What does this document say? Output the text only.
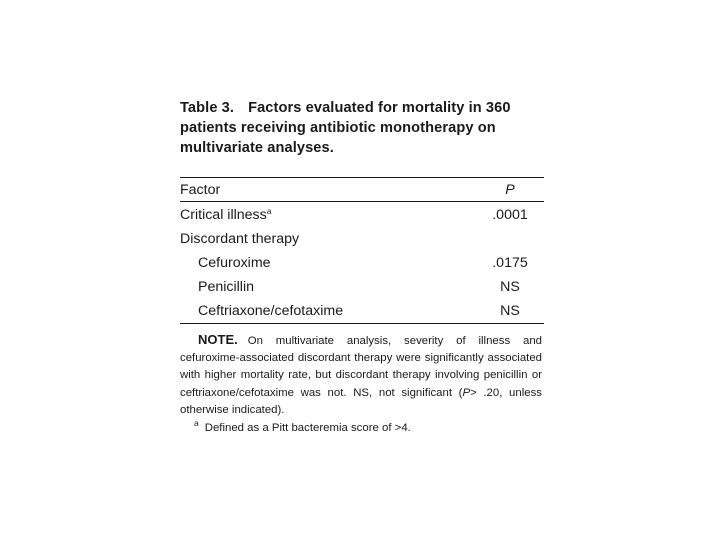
Table 3. Factors evaluated for mortality in 360 patients receiving antibiotic monotherapy on multivariate analyses.
Factor	P
Critical illness$^a$	.0001
Discordant therapy
Cefuroxime	.0175
Penicillin	NS
Ceftriaxone/cefotaxime	NS
NOTE. On multivariate analysis, severity of illness and cefuroxime-associated discordant therapy were significantly associated with higher mortality rate, but discordant therapy involving penicillin or ceftriaxone/cefotaxime was not. NS, not significant (P> .20, unless otherwise indicated).
$^a$ Defined as a Pitt bacteremia score of >4.
